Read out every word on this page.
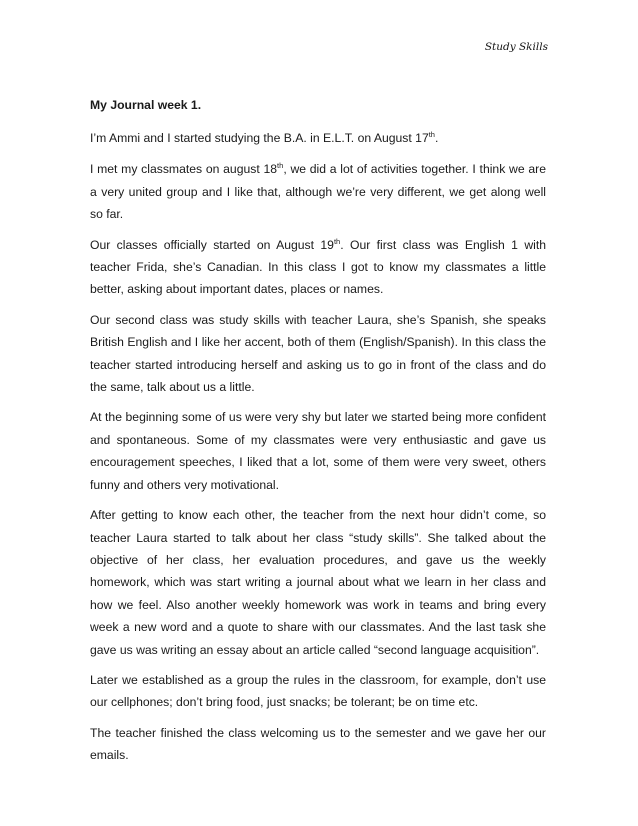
Study Skills

My Journal week 1.

I’m Ammi and I started studying the B.A. in E.L.T. on August 17th.

I met my classmates on august 18th, we did a lot of activities together. I think we are a very united group and I like that, although we’re very different, we get along well so far.

Our classes officially started on August 19th. Our first class was English 1 with teacher Frida, she’s Canadian. In this class I got to know my classmates a little better, asking about important dates, places or names.

Our second class was study skills with teacher Laura, she’s Spanish, she speaks British English and I like her accent, both of them (English/Spanish). In this class the teacher started introducing herself and asking us to go in front of the class and do the same, talk about us a little.

At the beginning some of us were very shy but later we started being more confident and spontaneous. Some of my classmates were very enthusiastic and gave us encouragement speeches, I liked that a lot, some of them were very sweet, others funny and others very motivational.

After getting to know each other, the teacher from the next hour didn’t come, so teacher Laura started to talk about her class “study skills”. She talked about the objective of her class, her evaluation procedures, and gave us the weekly homework, which was start writing a journal about what we learn in her class and how we feel. Also another weekly homework was work in teams and bring every week a new word and a quote to share with our classmates. And the last task she gave us was writing an essay about an article called “second language acquisition”.

Later we established as a group the rules in the classroom, for example, don’t use our cellphones; don’t bring food, just snacks; be tolerant; be on time etc.

The teacher finished the class welcoming us to the semester and we gave her our emails.
